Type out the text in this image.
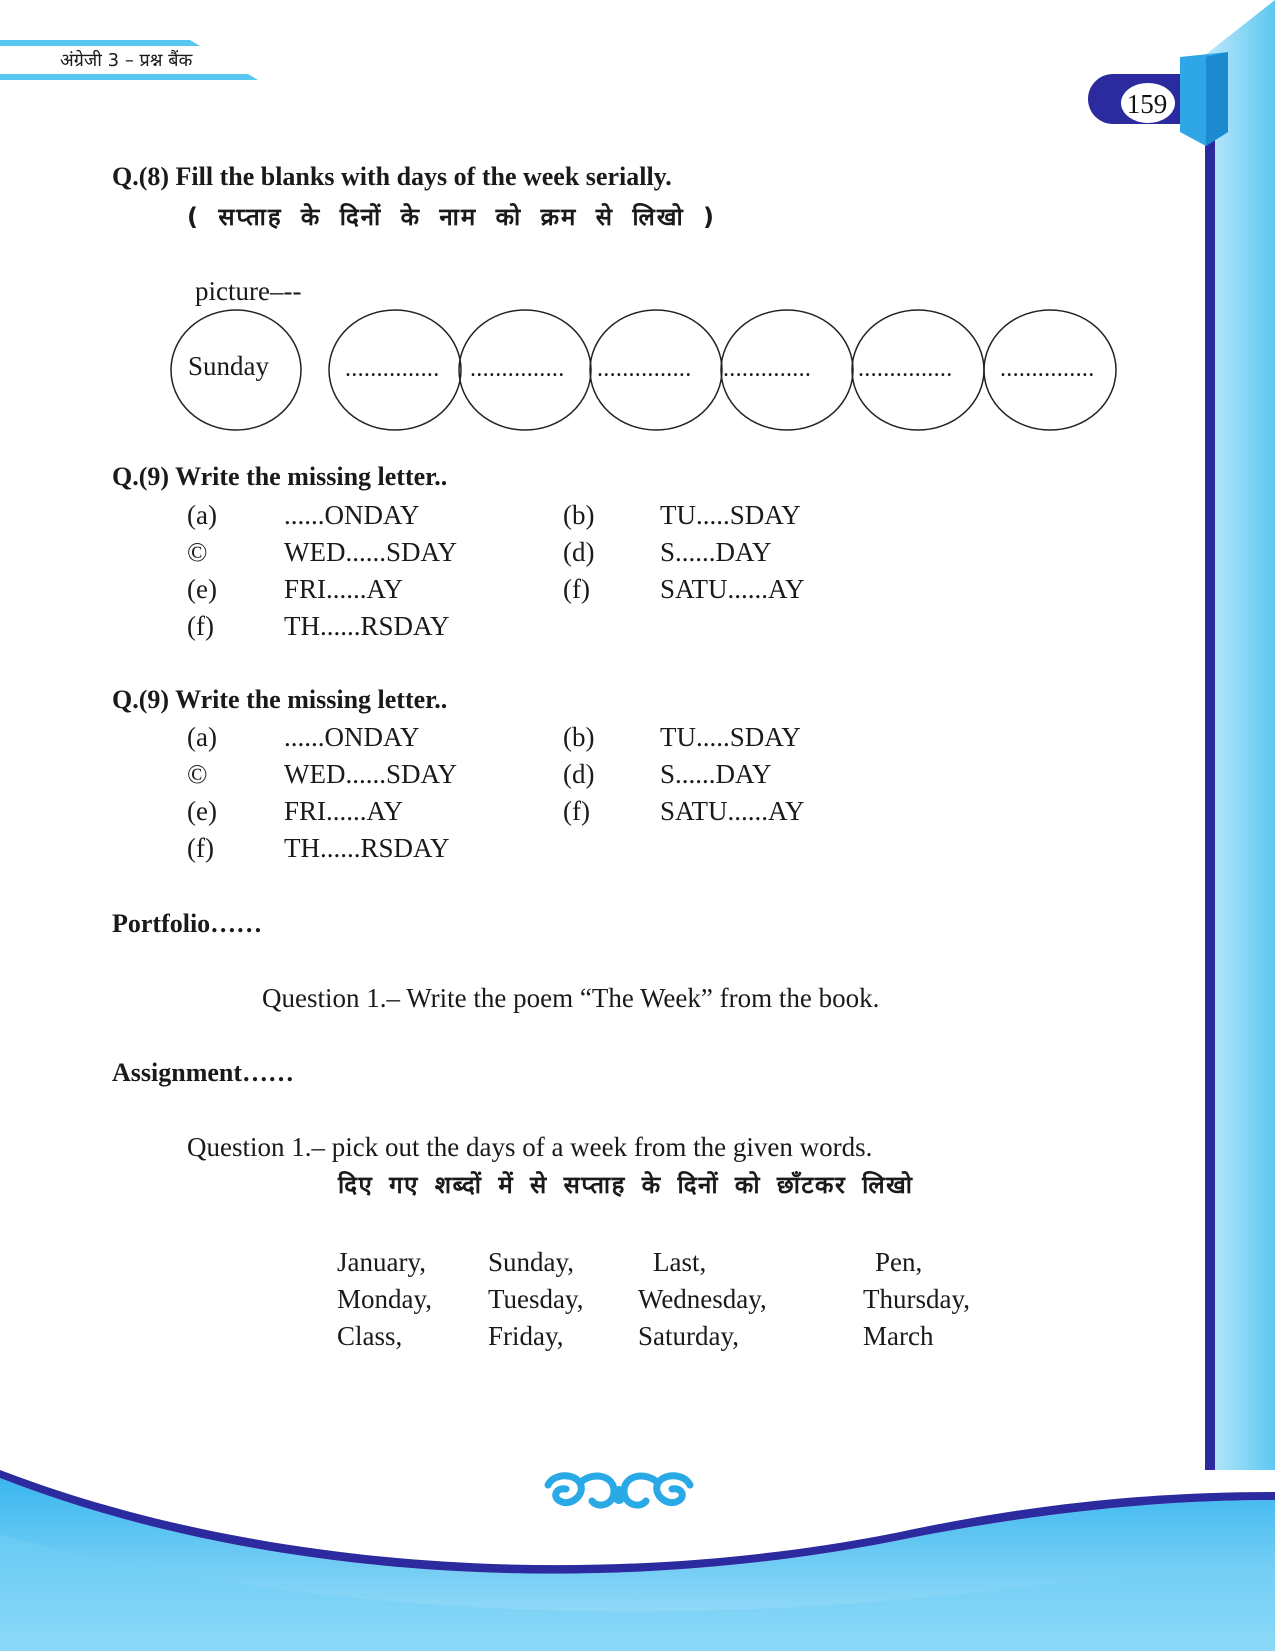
अंग्रेजी 3 – प्रश्न बैंक
159
Q.(8) Fill the blanks with days of the week serially.
( सप्ताह के दिनों के नाम को क्रम से लिखो )
picture–--
Sunday	............... ............... ............... .............. ............... ...............
Q.(9) Write the missing letter..
(a) ......ONDAY	(b) TU.....SDAY
©	WED......SDAY	(d) S......DAY
(e) FRI......AY	(f)	SATU......AY
(f)	TH......RSDAY
Q.(9) Write the missing letter..
(a) ......ONDAY	(b) TU.....SDAY
©	WED......SDAY	(d) S......DAY
(e) FRI......AY	(f)	SATU......AY
(f)	TH......RSDAY
Portfolio……
Question 1.– Write the poem “The Week” from the book.
Assignment……
Question 1.– pick out the days of a week from the given words.
दिए गए शब्दों में से सप्ताह के दिनों को छाँटकर लिखो
January, Sunday,	Last,	Pen,
Monday, Tuesday, Wednesday,	Thursday,
Class,	Friday,	Saturday,	March
